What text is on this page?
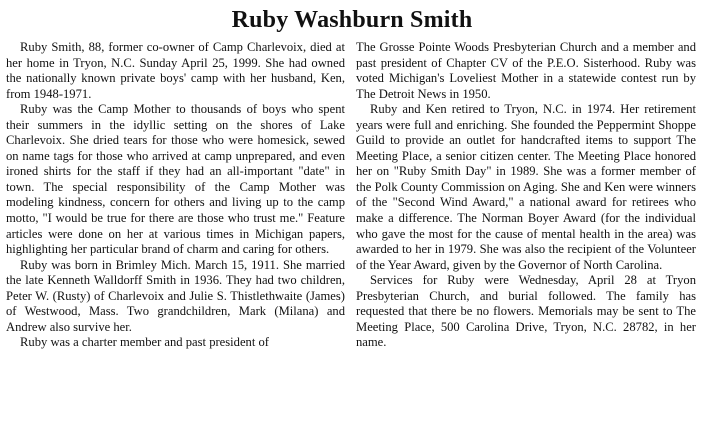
Ruby Washburn Smith

Ruby Smith, 88, former co-owner of Camp Charlevoix, died at her home in Tryon, N.C. Sunday April 25, 1999. She had owned the nationally known private boys' camp with her husband, Ken, from 1948-1971.

Ruby was the Camp Mother to thousands of boys who spent their summers in the idyllic setting on the shores of Lake Charlevoix. She dried tears for those who were homesick, sewed on name tags for those who arrived at camp unprepared, and even ironed shirts for the staff if they had an all-important "date" in town. The special responsibility of the Camp Mother was modeling kindness, concern for others and living up to the camp motto, "I would be true for there are those who trust me." Feature articles were done on her at various times in Michigan papers, highlighting her particular brand of charm and caring for others.

Ruby was born in Brimley Mich. March 15, 1911. She married the late Kenneth Walldorff Smith in 1936. They had two children, Peter W. (Rusty) of Charlevoix and Julie S. Thistlethwaite (James) of Westwood, Mass. Two grandchildren, Mark (Milana) and Andrew also survive her.

Ruby was a charter member and past president of

The Grosse Pointe Woods Presbyterian Church and a member and past president of Chapter CV of the P.E.O. Sisterhood. Ruby was voted Michigan's Loveliest Mother in a statewide contest run by The Detroit News in 1950.

Ruby and Ken retired to Tryon, N.C. in 1974. Her retirement years were full and enriching. She founded the Peppermint Shoppe Guild to provide an outlet for handcrafted items to support The Meeting Place, a senior citizen center. The Meeting Place honored her on "Ruby Smith Day" in 1989. She was a former member of the Polk County Commission on Aging. She and Ken were winners of the "Second Wind Award," a national award for retirees who make a difference. The Norman Boyer Award (for the individual who gave the most for the cause of mental health in the area) was awarded to her in 1979. She was also the recipient of the Volunteer of the Year Award, given by the Governor of North Carolina.

Services for Ruby were Wednesday, April 28 at Tryon Presbyterian Church, and burial followed. The family has requested that there be no flowers. Memorials may be sent to The Meeting Place, 500 Carolina Drive, Tryon, N.C. 28782, in her name.
